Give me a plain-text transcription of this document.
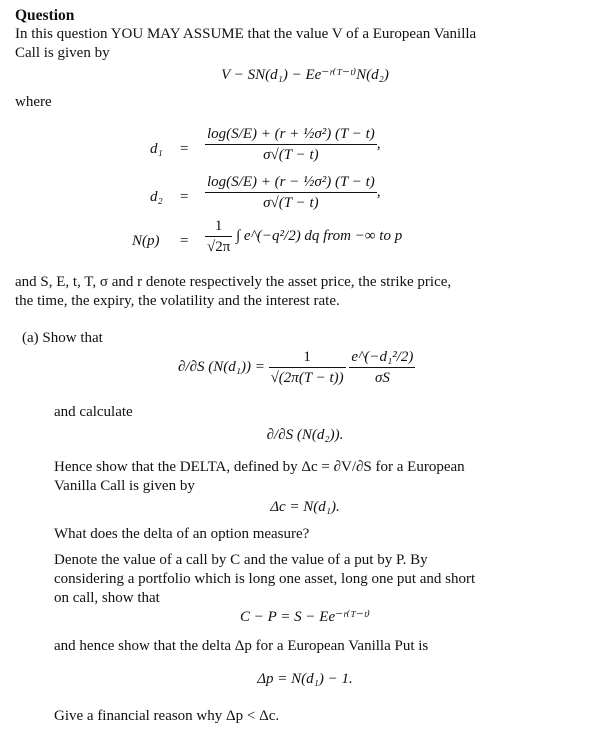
Question
In this question YOU MAY ASSUME that the value V of a European Vanilla
Call is given by
V − SN(d₁) − Ee⁻ʳ⁽ᵀ⁻ᵗ⁾N(d₂)
where
$d_1 = \frac{\text{log(S/E) + (r + ½σ²) (T − t)}}{\sigma√(T - t)}$ ,
$d_2 = \frac{\text{log(S/E) + (r − ½σ²) (T − t)}}{\sigma√(T - t)}$ ,
$N(p) = \frac{1}{√2\pi}$ ∫ e^(−q²/2) dq from −∞ to p
and S, E, t, T, σ and r denote respectively the asset price, the strike price,
the time, the expiry, the volatility and the interest rate.
(a) Show that
∂/∂S $(N(d_1)) = \frac{1}{√(2\pi(T - t))}$
$\frac{\text{e\textasciicircum{}(−d₁²/2)}}{\sigma S}$
and calculate
∂/∂S (N(d₂)).
Hence show that the DELTA, defined by Δc = ∂V/∂S for a European
Vanilla Call is given by
Δc = N(d₁).
What does the delta of an option measure?
Denote the value of a call by C and the value of a put by P. By
considering a portfolio which is long one asset, long one put and short
on call, show that
C − P = S − Ee⁻ʳ⁽ᵀ⁻ᵗ⁾
and hence show that the delta Δp for a European Vanilla Put is
Δp = N(d₁) − 1.
Give a financial reason why Δp < Δc.
